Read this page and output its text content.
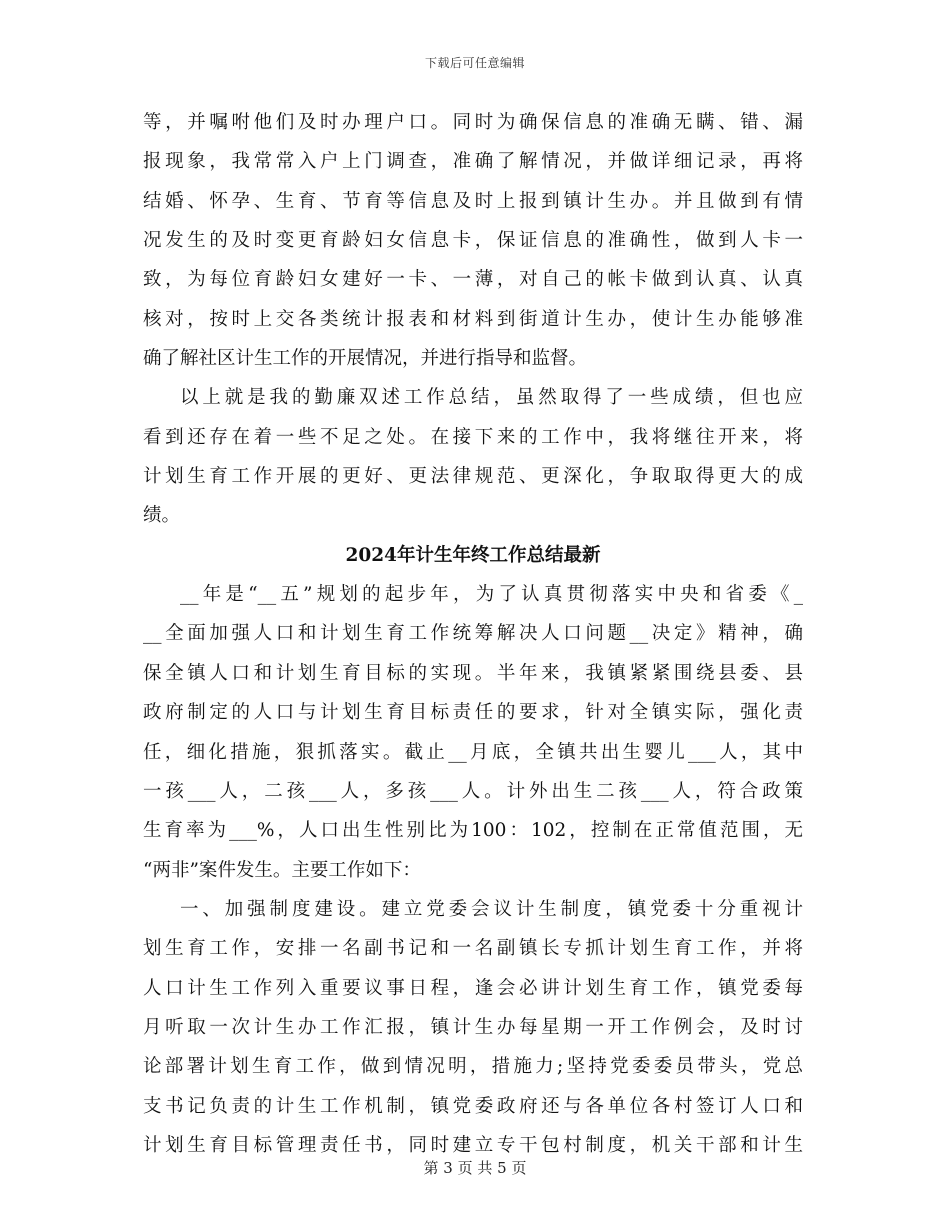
下载后可任意编辑
等，并嘱咐他们及时办理户口。同时为确保信息的准确无瞒、错、漏
报现象，我常常入户上门调查，准确了解情况，并做详细记录，再将
结婚、怀孕、生育、节育等信息及时上报到镇计生办。并且做到有情
况发生的及时变更育龄妇女信息卡，保证信息的准确性，做到人卡一
致，为每位育龄妇女建好一卡、一薄，对自己的帐卡做到认真、认真
核对，按时上交各类统计报表和材料到街道计生办，使计生办能够准
确了解社区计生工作的开展情况，并进行指导和监督。
以上就是我的勤廉双述工作总结，虽然取得了一些成绩，但也应
看到还存在着一些不足之处。在接下来的工作中，我将继往开来，将
计划生育工作开展的更好、更法律规范、更深化，争取取得更大的成
绩。
2024年计生年终工作总结最新
__年是“__五”规划的起步年，为了认真贯彻落实中央和省委《_
__全面加强人口和计划生育工作统筹解决人口问题__决定》精神，确
保全镇人口和计划生育目标的实现。半年来，我镇紧紧围绕县委、县
政府制定的人口与计划生育目标责任的要求，针对全镇实际，强化责
任，细化措施，狠抓落实。截止__月底，全镇共出生婴儿___人，其中
一孩___人，二孩___人，多孩___人。计外出生二孩___人，符合政策
生育率为___%，人口出生性别比为100：102，控制在正常值范围，无
“两非”案件发生。主要工作如下：
一、加强制度建设。建立党委会议计生制度，镇党委十分重视计
划生育工作，安排一名副书记和一名副镇长专抓计划生育工作，并将
人口计生工作列入重要议事日程，逢会必讲计划生育工作，镇党委每
月听取一次计生办工作汇报，镇计生办每星期一开工作例会，及时讨
论部署计划生育工作，做到情况明，措施力;坚持党委委员带头，党总
支书记负责的计生工作机制，镇党委政府还与各单位各村签订人口和
计划生育目标管理责任书，同时建立专干包村制度，机关干部和计生
第 3 页 共 5 页
